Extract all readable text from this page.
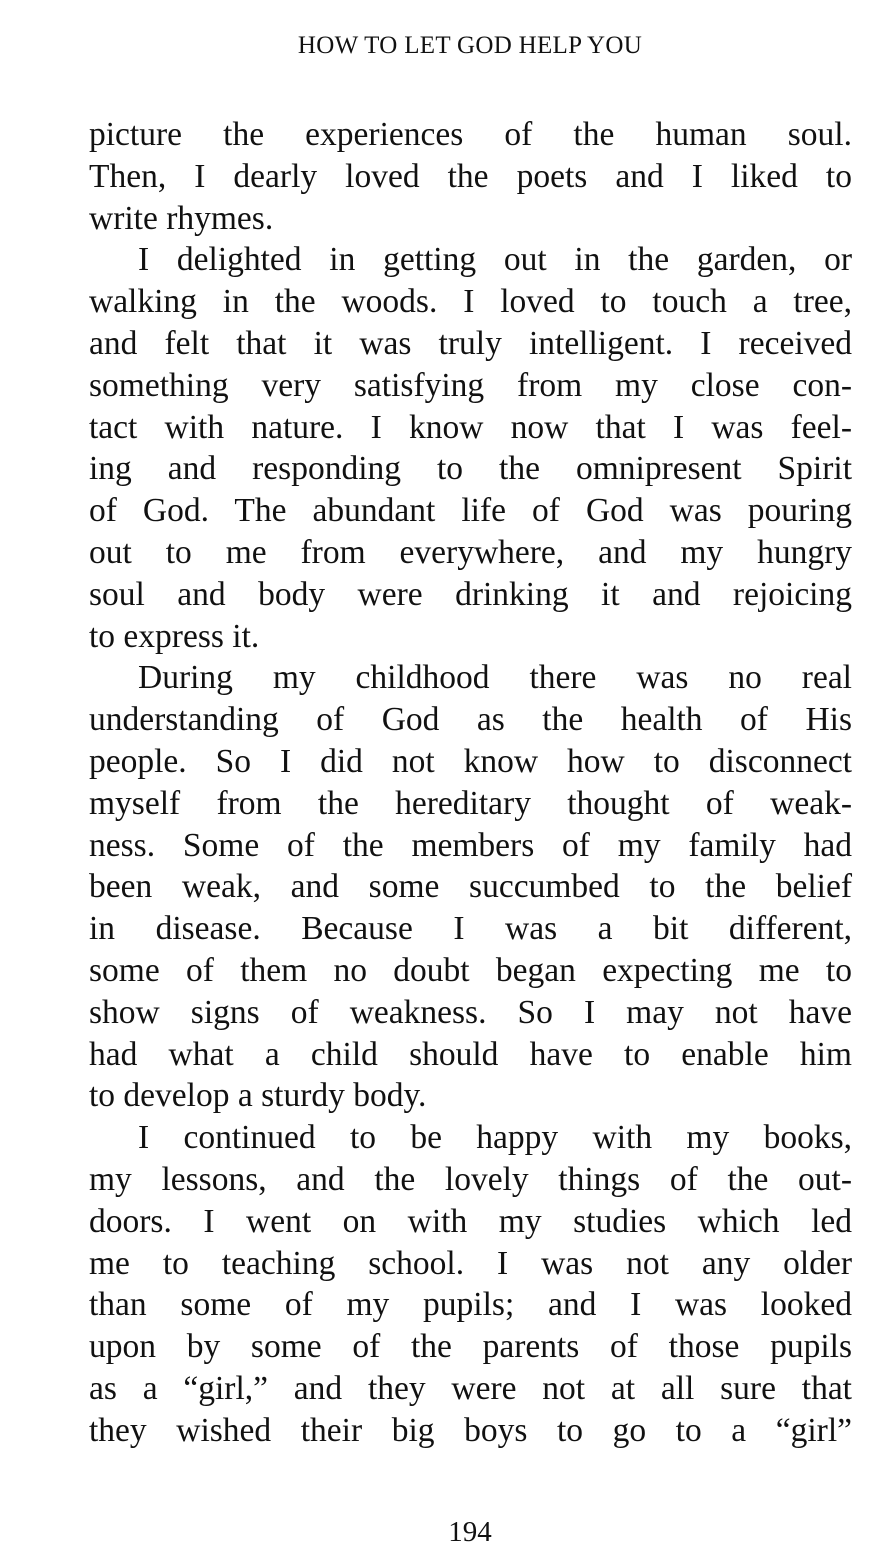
HOW TO LET GOD HELP YOU
picture the experiences of the human soul.
Then, I dearly loved the poets and I liked to
write rhymes.
I delighted in getting out in the garden, or
walking in the woods. I loved to touch a tree,
and felt that it was truly intelligent. I received
something very satisfying from my close con-
tact with nature. I know now that I was feel-
ing and responding to the omnipresent Spirit
of God. The abundant life of God was pouring
out to me from everywhere, and my hungry
soul and body were drinking it and rejoicing
to express it.
During my childhood there was no real
understanding of God as the health of His
people. So I did not know how to disconnect
myself from the hereditary thought of weak-
ness. Some of the members of my family had
been weak, and some succumbed to the belief
in disease. Because I was a bit different,
some of them no doubt began expecting me to
show signs of weakness. So I may not have
had what a child should have to enable him
to develop a sturdy body.
I continued to be happy with my books,
my lessons, and the lovely things of the out-
doors. I went on with my studies which led
me to teaching school. I was not any older
than some of my pupils; and I was looked
upon by some of the parents of those pupils
as a “girl,” and they were not at all sure that
they wished their big boys to go to a “girl”
194
